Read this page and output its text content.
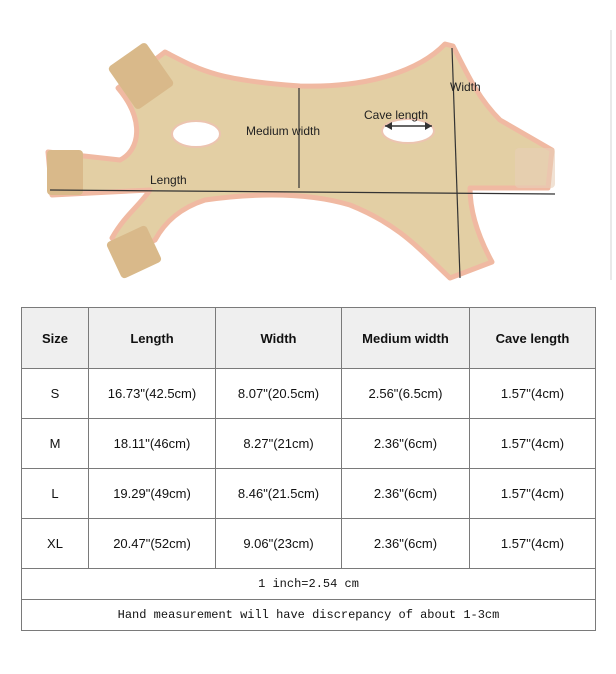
Length
Medium width
Cave length
Width
Size	Length	Width	Medium width	Cave length
S	16.73"(42.5cm)	8.07"(20.5cm)	2.56"(6.5cm)	1.57"(4cm)
M	18.11"(46cm)	8.27"(21cm)	2.36"(6cm)	1.57"(4cm)
L	19.29"(49cm)	8.46"(21.5cm)	2.36"(6cm)	1.57"(4cm)
XL	20.47"(52cm)	9.06"(23cm)	2.36"(6cm)	1.57"(4cm)
1 inch=2.54 cm				
Hand measurement will have discrepancy of about 1-3cm				
